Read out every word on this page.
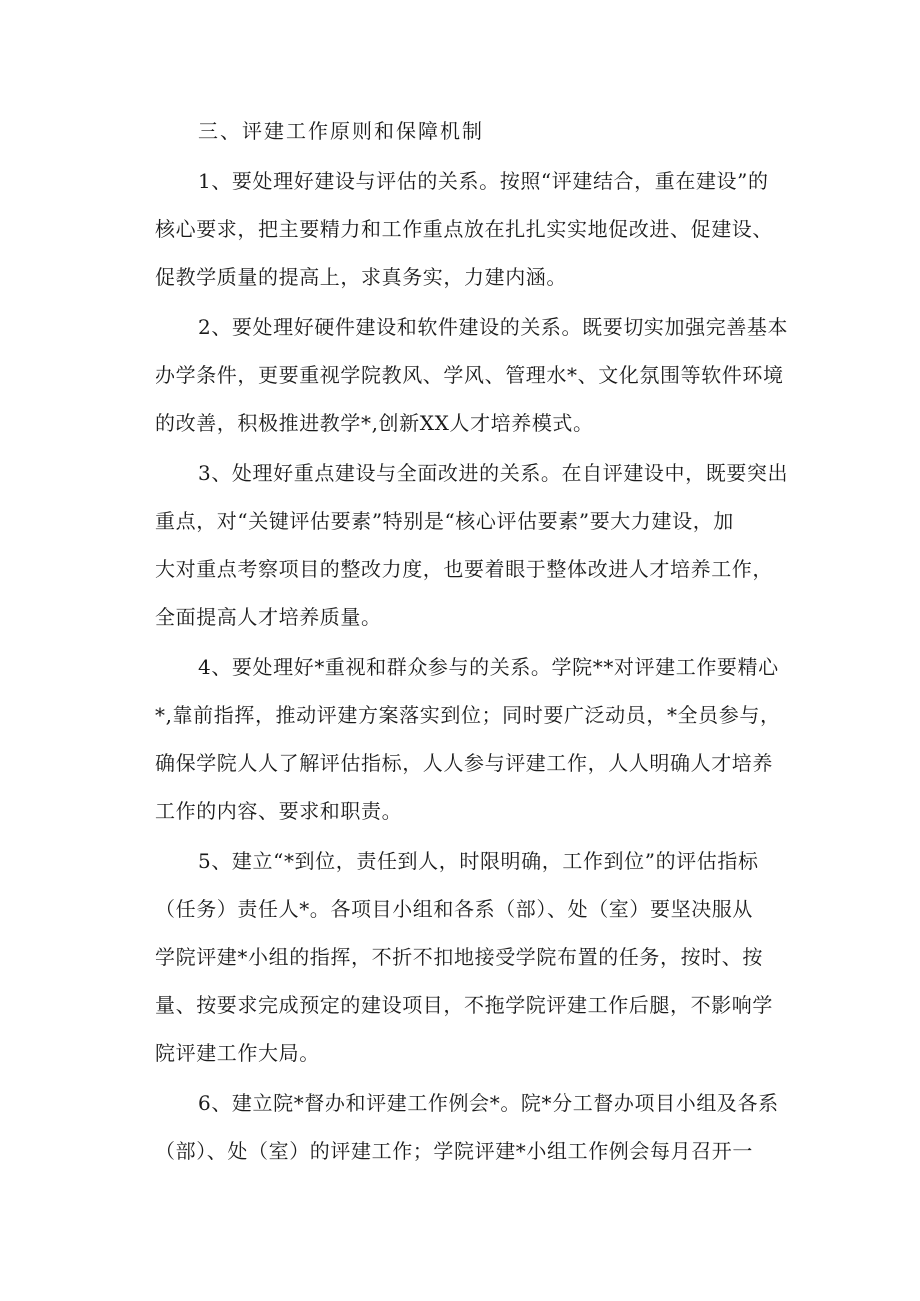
三、评建工作原则和保障机制
1、要处理好建设与评估的关系。按照“评建结合，重在建设”的
核心要求，把主要精力和工作重点放在扎扎实实地促改进、促建设、
促教学质量的提高上，求真务实，力建内涵。
2、要处理好硬件建设和软件建设的关系。既要切实加强完善基本
办学条件，更要重视学院教风、学风、管理水*、文化氛围等软件环境
的改善，积极推进教学*,创新XX人才培养模式。
3、处理好重点建设与全面改进的关系。在自评建设中，既要突出
重点，对“关键评估要素”特别是“核心评估要素”要大力建设，加
大对重点考察项目的整改力度，也要着眼于整体改进人才培养工作，
全面提高人才培养质量。
4、要处理好*重视和群众参与的关系。学院**对评建工作要精心
*,靠前指挥，推动评建方案落实到位；同时要广泛动员，*全员参与，
确保学院人人了解评估指标，人人参与评建工作，人人明确人才培养
工作的内容、要求和职责。
5、建立“*到位，责任到人，时限明确，工作到位”的评估指标
（任务）责任人*。各项目小组和各系（部）、处（室）要坚决服从
学院评建*小组的指挥，不折不扣地接受学院布置的任务，按时、按
量、按要求完成预定的建设项目，不拖学院评建工作后腿，不影响学
院评建工作大局。
6、建立院*督办和评建工作例会*。院*分工督办项目小组及各系
（部）、处（室）的评建工作；学院评建*小组工作例会每月召开一
